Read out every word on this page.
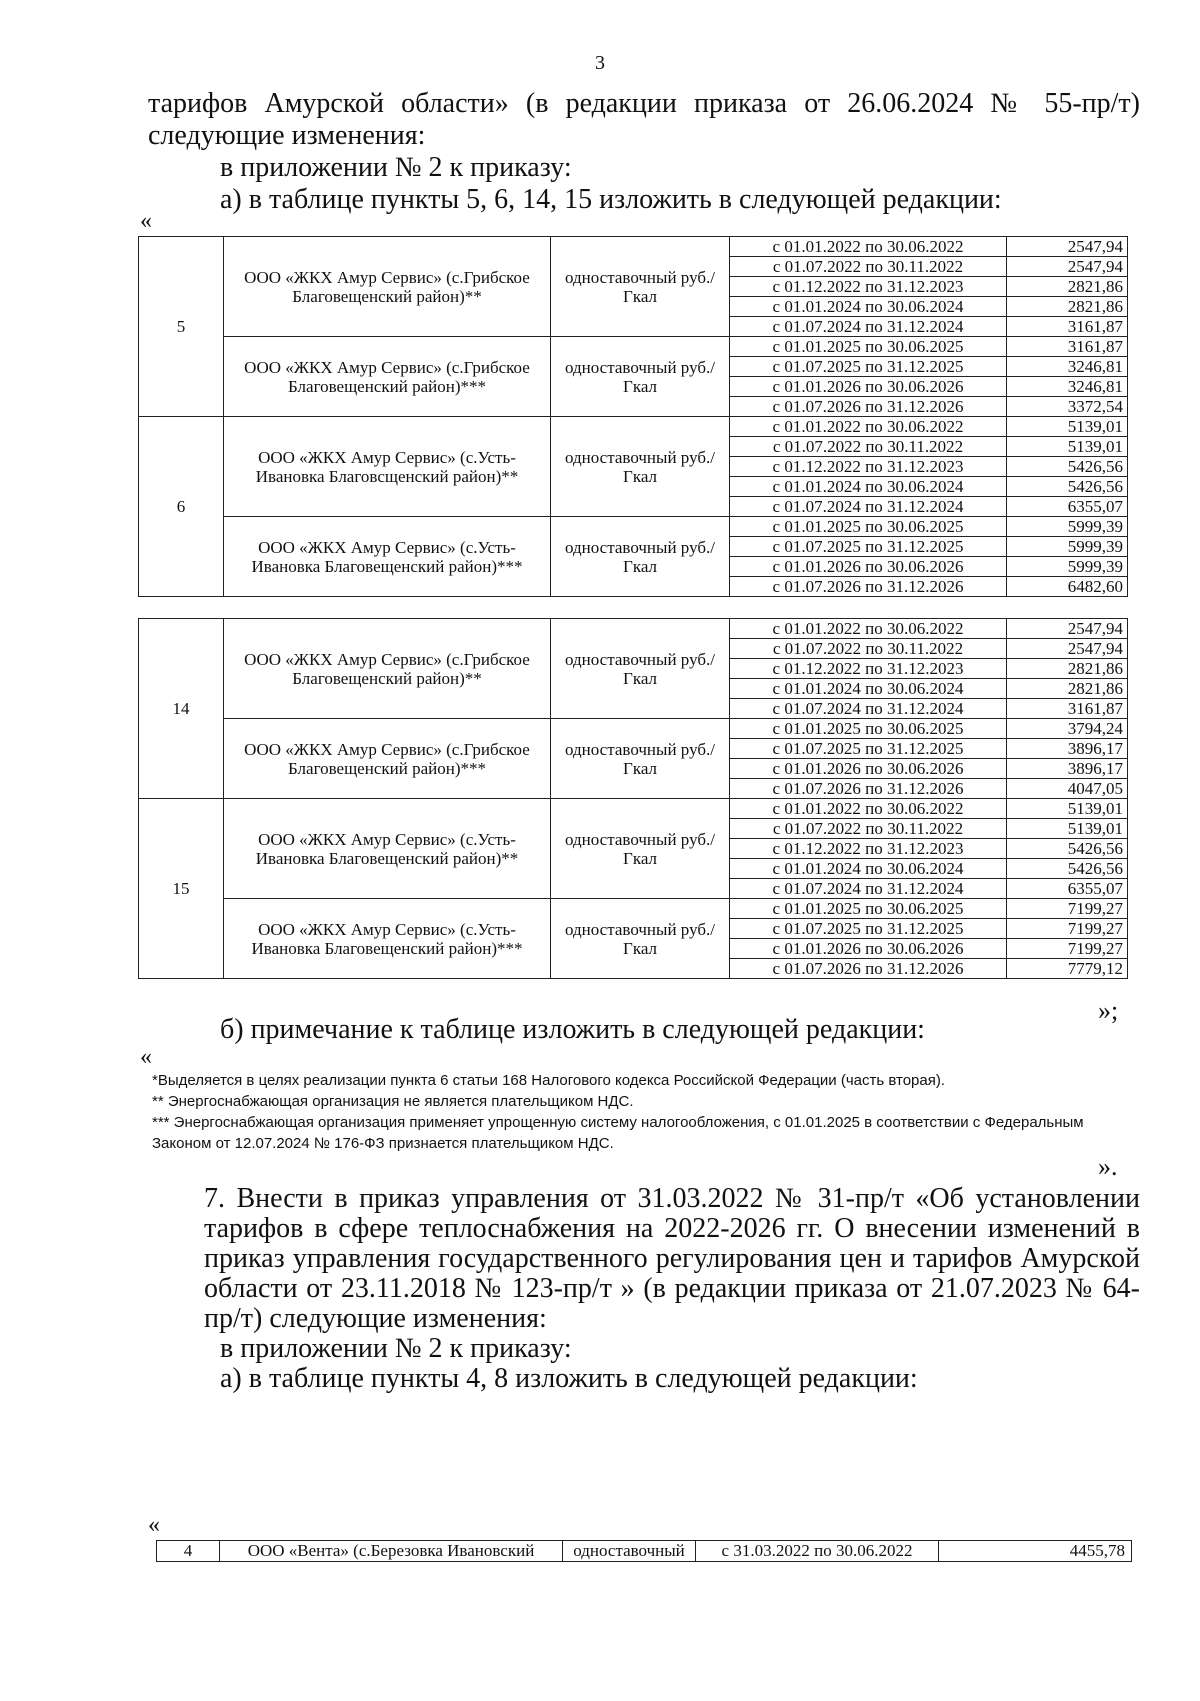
3
тарифов Амурской области» (в редакции приказа от 26.06.2024 № 55-пр/т)
следующие изменения:
в приложении № 2 к приказу:
а) в таблице пункты 5, 6, 14, 15 изложить в следующей редакции:
«
5	ООО «ЖКХ Амур Сервис» (с.Грибское Благовещенский район)**	одноставочный руб./Гкал	с 01.01.2022 по 30.06.2022	2547,94
			с 01.07.2022 по 30.11.2022	2547,94
			с 01.12.2022 по 31.12.2023	2821,86
			с 01.01.2024 по 30.06.2024	2821,86
			с 01.07.2024 по 31.12.2024	3161,87
	ООО «ЖКХ Амур Сервис» (с.Грибское Благовещенский район)***	одноставочный руб./Гкал	с 01.01.2025 по 30.06.2025	3161,87
			с 01.07.2025 по 31.12.2025	3246,81
			с 01.01.2026 по 30.06.2026	3246,81
			с 01.07.2026 по 31.12.2026	3372,54
6	ООО «ЖКХ Амур Сервис» (с.Усть-Ивановка Благовсщенский район)**	одноставочный руб./Гкал	с 01.01.2022 по 30.06.2022	5139,01
			с 01.07.2022 по 30.11.2022	5139,01
			с 01.12.2022 по 31.12.2023	5426,56
			с 01.01.2024 по 30.06.2024	5426,56
			с 01.07.2024 по 31.12.2024	6355,07
	ООО «ЖКХ Амур Сервис» (с.Усть-Ивановка Благовещенский район)***	одноставочный руб./Гкал	с 01.01.2025 по 30.06.2025	5999,39
			с 01.07.2025 по 31.12.2025	5999,39
			с 01.01.2026 по 30.06.2026	5999,39
			с 01.07.2026 по 31.12.2026	6482,60
14	ООО «ЖКХ Амур Сервис» (с.Грибское Благовещенский район)**	одноставочный руб./Гкал	с 01.01.2022 по 30.06.2022	2547,94
			с 01.07.2022 по 30.11.2022	2547,94
			с 01.12.2022 по 31.12.2023	2821,86
			с 01.01.2024 по 30.06.2024	2821,86
			с 01.07.2024 по 31.12.2024	3161,87
	ООО «ЖКХ Амур Сервис» (с.Грибское Благовещенский район)***	одноставочный руб./Гкал	с 01.01.2025 по 30.06.2025	3794,24
			с 01.07.2025 по 31.12.2025	3896,17
			с 01.01.2026 по 30.06.2026	3896,17
			с 01.07.2026 по 31.12.2026	4047,05
15	ООО «ЖКХ Амур Сервис» (с.Усть-Ивановка Благовещенский район)**	одноставочный руб./Гкал	с 01.01.2022 по 30.06.2022	5139,01
			с 01.07.2022 по 30.11.2022	5139,01
			с 01.12.2022 по 31.12.2023	5426,56
			с 01.01.2024 по 30.06.2024	5426,56
			с 01.07.2024 по 31.12.2024	6355,07
	ООО «ЖКХ Амур Сервис» (с.Усть-Ивановка Благовещенский район)***	одноставочный руб./Гкал	с 01.01.2025 по 30.06.2025	7199,27
			с 01.07.2025 по 31.12.2025	7199,27
			с 01.01.2026 по 30.06.2026	7199,27
			с 01.07.2026 по 31.12.2026	7779,12
»;
б) примечание к таблице изложить в следующей редакции:
«
*Выделяется в целях реализации пункта 6 статьи 168 Налогового кодекса Российской Федерации (часть вторая).
** Энергоснабжающая организация не является плательщиком НДС.
*** Энергоснабжающая организация применяет упрощенную систему налогообложения, с 01.01.2025 в соответствии с Федеральным Законом от 12.07.2024 № 176-ФЗ признается плательщиком НДС.
».
7. Внести в приказ управления от 31.03.2022 № 31-пр/т «Об установлении тарифов в сфере теплоснабжения на 2022-2026 гг. О внесении изменений в приказ управления государственного регулирования цен и тарифов Амурской области от 23.11.2018 № 123-пр/т » (в редакции приказа от 21.07.2023 № 64-пр/т) следующие изменения:
в приложении № 2 к приказу:
а) в таблице пункты 4, 8 изложить в следующей редакции:
«
4	ООО «Вента» (с.Березовка Ивановский	одноставочный	с 31.03.2022 по 30.06.2022	4455,78
